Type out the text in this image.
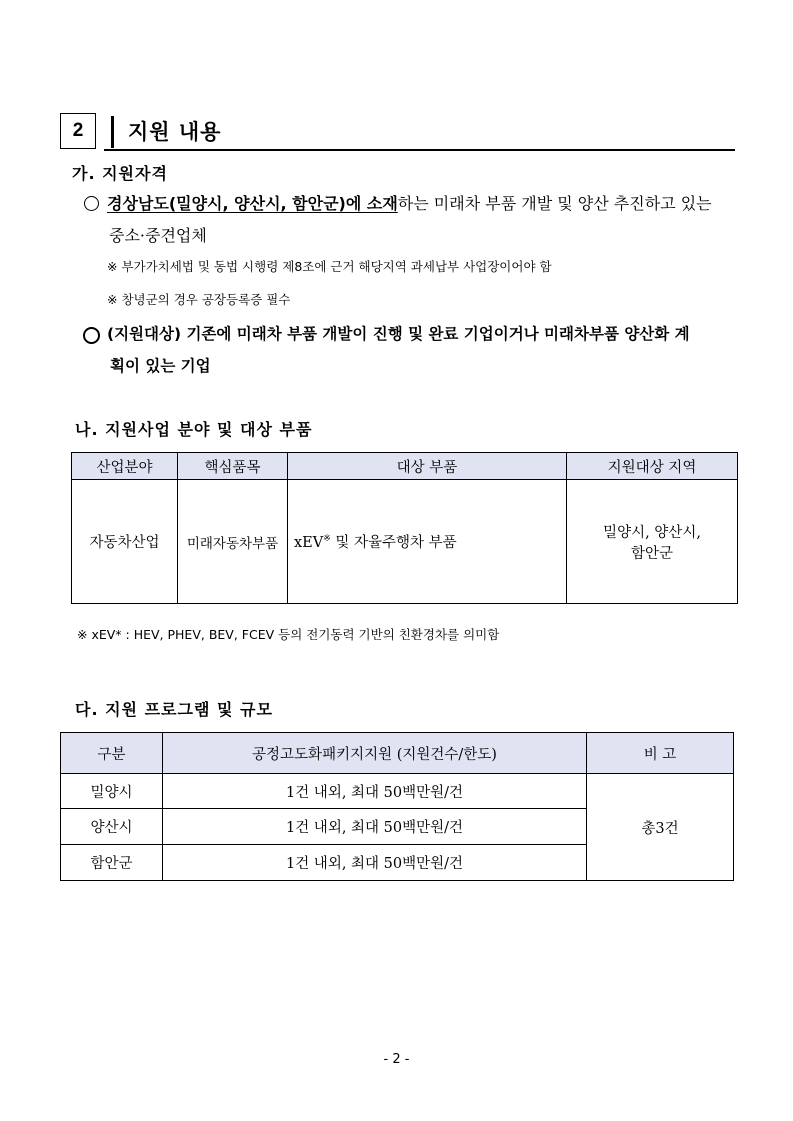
2 지원 내용
가. 지원자격
경상남도(밀양시, 양산시, 함안군)에 소재하는 미래차 부품 개발 및 양산 추진하고 있는
중소·중견업체
※ 부가가치세법 및 동법 시행령 제8조에 근거 해당지역 과세납부 사업장이어야 함
※ 창녕군의 경우 공장등록증 필수
(지원대상) 기존에 미래차 부품 개발이 진행 및 완료 기업이거나 미래차부품 양산화 계
획이 있는 기업
나. 지원사업 분야 및 대상 부품
산업분야	핵심품목	대상 부품	지원대상 지역
자동차산업	미래자동차부품	xEV※ 및 자율주행차 부품	밀양시, 양산시,
함안군
※ xEV* : HEV, PHEV, BEV, FCEV 등의 전기동력 기반의 친환경차를 의미함
다. 지원 프로그램 및 규모
구분	공정고도화패키지지원 (지원건수/한도)	비 고
밀양시	1건 내외, 최대 50백만원/건	총3건
양산시	1건 내외, 최대 50백만원/건	
함안군	1건 내외, 최대 50백만원/건	
- 2 -
